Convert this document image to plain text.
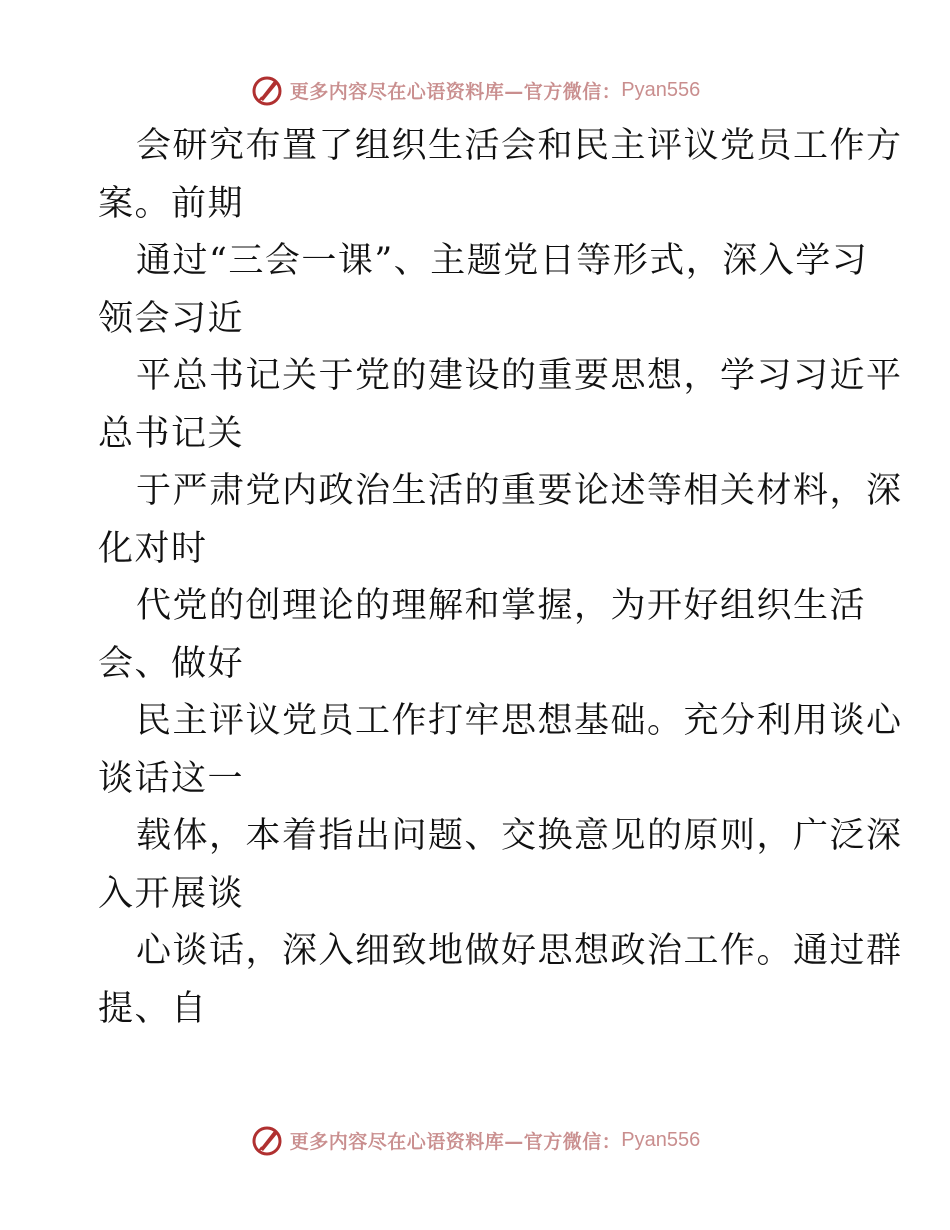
更多内容尽在心语资料库—官方微信： Pyan556
会研究布置了组织生活会和民主评议党员工作方
案。前期
通过“三会一课”、主题党日等形式，深入学习
领会习近
平总书记关于党的建设的重要思想，学习习近平
总书记关
于严肃党内政治生活的重要论述等相关材料，深
化对时
代党的创理论的理解和掌握，为开好组织生活
会、做好
民主评议党员工作打牢思想基础。充分利用谈心
谈话这一
载体，本着指出问题、交换意见的原则，广泛深
入开展谈
心谈话，深入细致地做好思想政治工作。通过群
提、自
更多内容尽在心语资料库—官方微信： Pyan556
